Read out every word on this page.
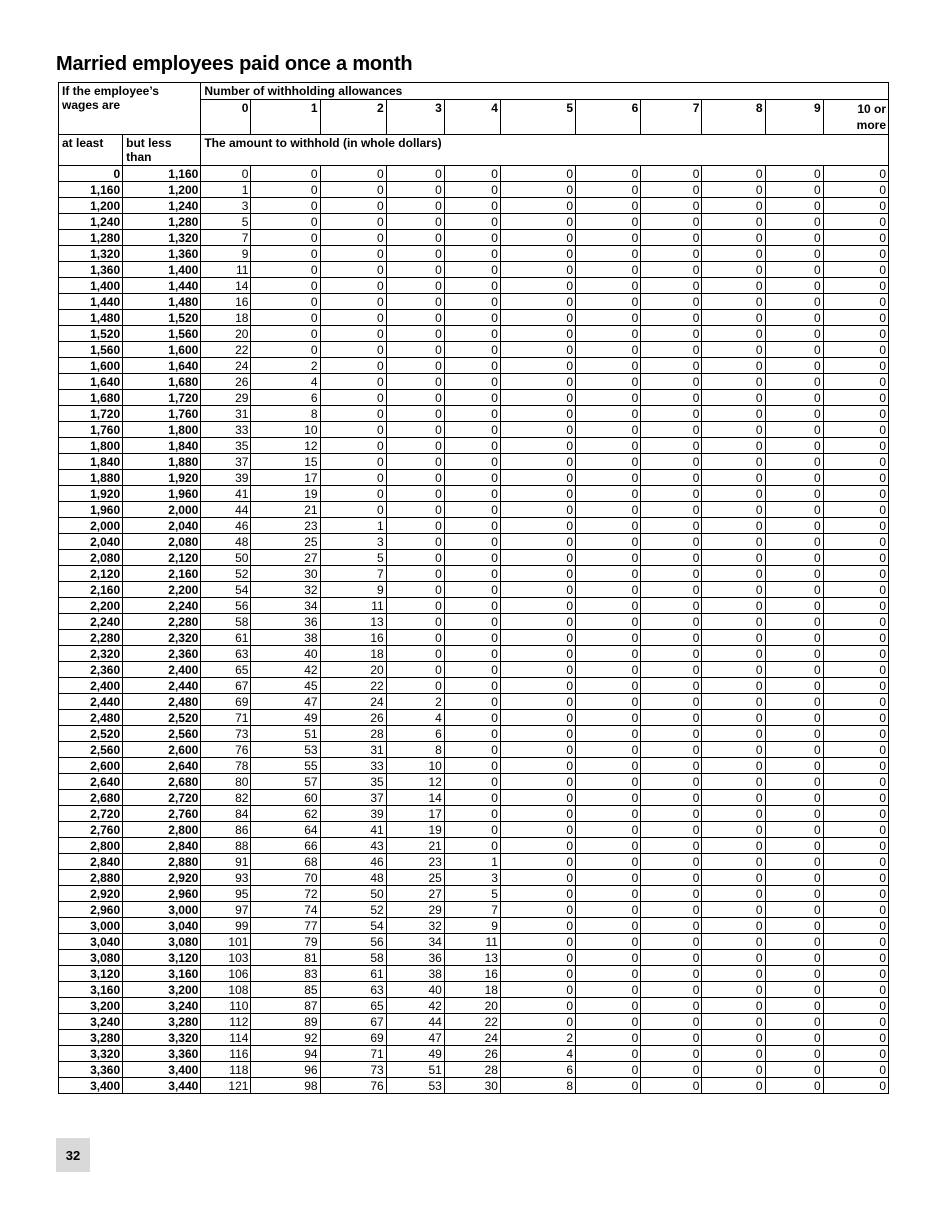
Married employees paid once a month
If the employee’s wages are		Number of withholding allowances										
		0	1	2	3	4	5	6	7	8	9	10 or more
at least	but less than	The amount to withhold (in whole dollars)										
0	1,160	0	0	0	0	0	0	0	0	0	0	0
1,160	1,200	1	0	0	0	0	0	0	0	0	0	0
1,200	1,240	3	0	0	0	0	0	0	0	0	0	0
1,240	1,280	5	0	0	0	0	0	0	0	0	0	0
1,280	1,320	7	0	0	0	0	0	0	0	0	0	0
1,320	1,360	9	0	0	0	0	0	0	0	0	0	0
1,360	1,400	11	0	0	0	0	0	0	0	0	0	0
1,400	1,440	14	0	0	0	0	0	0	0	0	0	0
1,440	1,480	16	0	0	0	0	0	0	0	0	0	0
1,480	1,520	18	0	0	0	0	0	0	0	0	0	0
1,520	1,560	20	0	0	0	0	0	0	0	0	0	0
1,560	1,600	22	0	0	0	0	0	0	0	0	0	0
1,600	1,640	24	2	0	0	0	0	0	0	0	0	0
1,640	1,680	26	4	0	0	0	0	0	0	0	0	0
1,680	1,720	29	6	0	0	0	0	0	0	0	0	0
1,720	1,760	31	8	0	0	0	0	0	0	0	0	0
1,760	1,800	33	10	0	0	0	0	0	0	0	0	0
1,800	1,840	35	12	0	0	0	0	0	0	0	0	0
1,840	1,880	37	15	0	0	0	0	0	0	0	0	0
1,880	1,920	39	17	0	0	0	0	0	0	0	0	0
1,920	1,960	41	19	0	0	0	0	0	0	0	0	0
1,960	2,000	44	21	0	0	0	0	0	0	0	0	0
2,000	2,040	46	23	1	0	0	0	0	0	0	0	0
2,040	2,080	48	25	3	0	0	0	0	0	0	0	0
2,080	2,120	50	27	5	0	0	0	0	0	0	0	0
2,120	2,160	52	30	7	0	0	0	0	0	0	0	0
2,160	2,200	54	32	9	0	0	0	0	0	0	0	0
2,200	2,240	56	34	11	0	0	0	0	0	0	0	0
2,240	2,280	58	36	13	0	0	0	0	0	0	0	0
2,280	2,320	61	38	16	0	0	0	0	0	0	0	0
2,320	2,360	63	40	18	0	0	0	0	0	0	0	0
2,360	2,400	65	42	20	0	0	0	0	0	0	0	0
2,400	2,440	67	45	22	0	0	0	0	0	0	0	0
2,440	2,480	69	47	24	2	0	0	0	0	0	0	0
2,480	2,520	71	49	26	4	0	0	0	0	0	0	0
2,520	2,560	73	51	28	6	0	0	0	0	0	0	0
2,560	2,600	76	53	31	8	0	0	0	0	0	0	0
2,600	2,640	78	55	33	10	0	0	0	0	0	0	0
2,640	2,680	80	57	35	12	0	0	0	0	0	0	0
2,680	2,720	82	60	37	14	0	0	0	0	0	0	0
2,720	2,760	84	62	39	17	0	0	0	0	0	0	0
2,760	2,800	86	64	41	19	0	0	0	0	0	0	0
2,800	2,840	88	66	43	21	0	0	0	0	0	0	0
2,840	2,880	91	68	46	23	1	0	0	0	0	0	0
2,880	2,920	93	70	48	25	3	0	0	0	0	0	0
2,920	2,960	95	72	50	27	5	0	0	0	0	0	0
2,960	3,000	97	74	52	29	7	0	0	0	0	0	0
3,000	3,040	99	77	54	32	9	0	0	0	0	0	0
3,040	3,080	101	79	56	34	11	0	0	0	0	0	0
3,080	3,120	103	81	58	36	13	0	0	0	0	0	0
3,120	3,160	106	83	61	38	16	0	0	0	0	0	0
3,160	3,200	108	85	63	40	18	0	0	0	0	0	0
3,200	3,240	110	87	65	42	20	0	0	0	0	0	0
3,240	3,280	112	89	67	44	22	0	0	0	0	0	0
3,280	3,320	114	92	69	47	24	2	0	0	0	0	0
3,320	3,360	116	94	71	49	26	4	0	0	0	0	0
3,360	3,400	118	96	73	51	28	6	0	0	0	0	0
3,400	3,440	121	98	76	53	30	8	0	0	0	0	0
32
